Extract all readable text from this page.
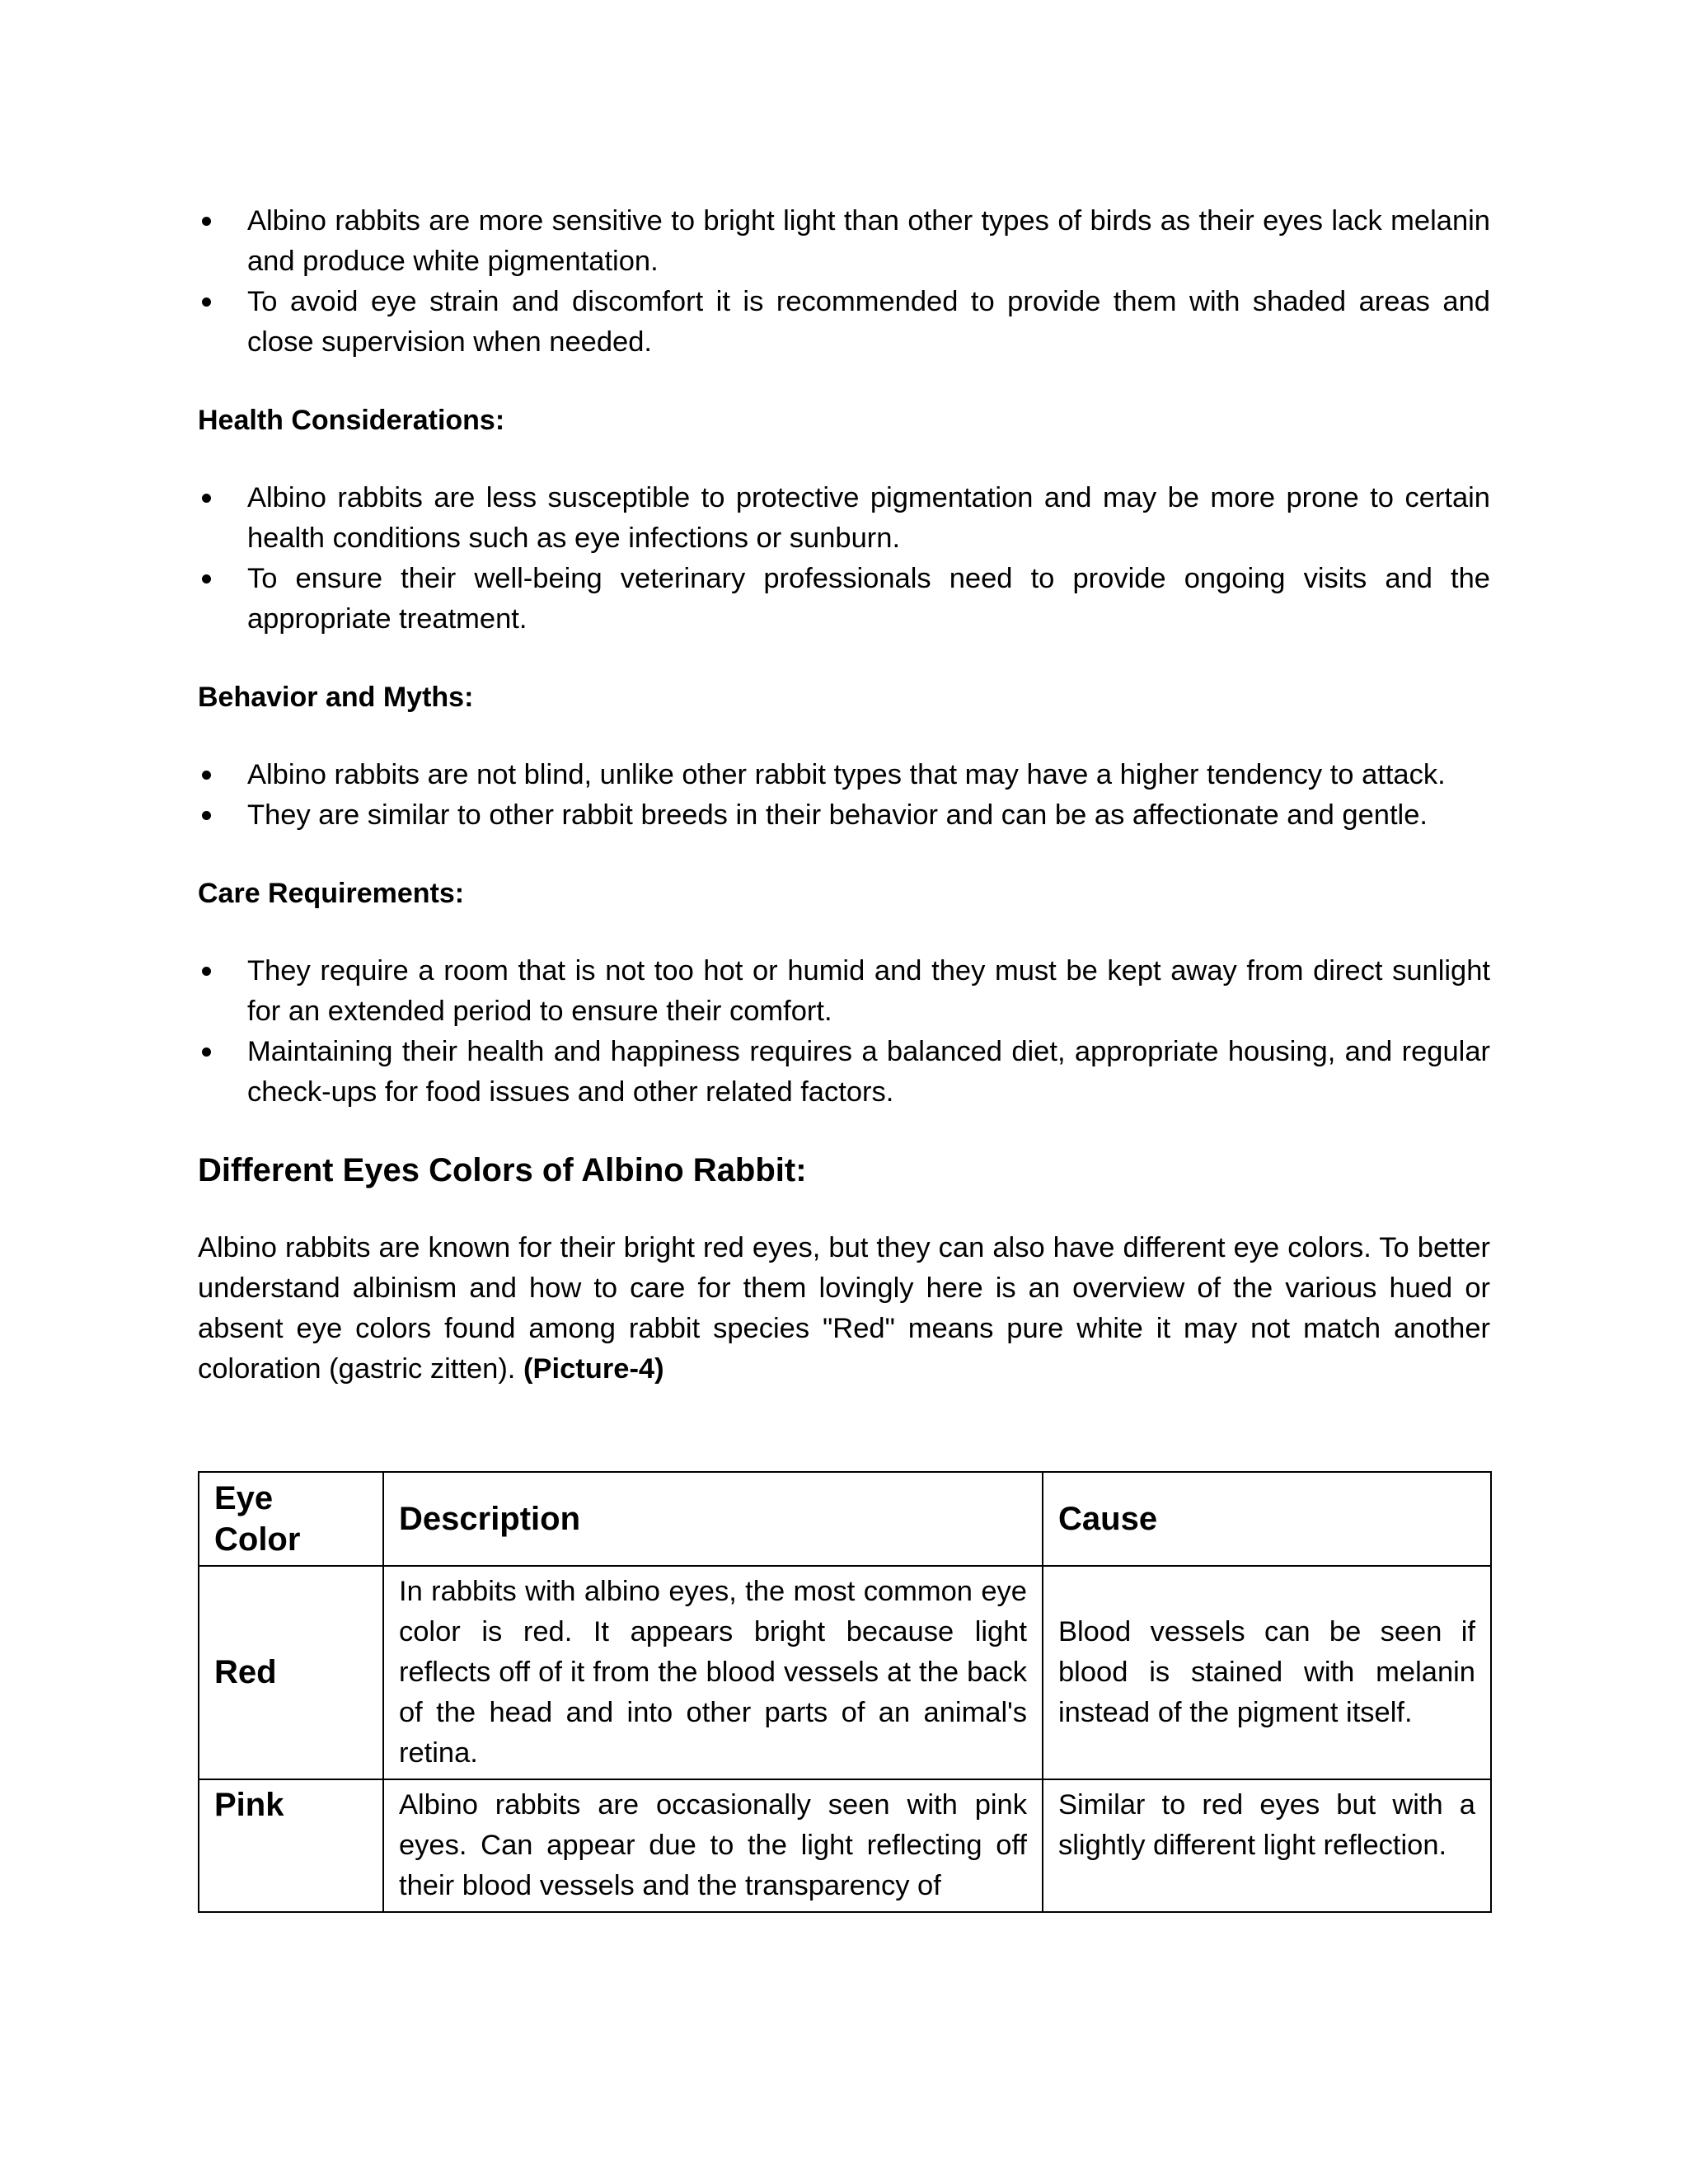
Albino rabbits are more sensitive to bright light than other types of birds as their eyes lack melanin and produce white pigmentation.
To avoid eye strain and discomfort it is recommended to provide them with shaded areas and close supervision when needed.
Health Considerations:
Albino rabbits are less susceptible to protective pigmentation and may be more prone to certain health conditions such as eye infections or sunburn.
To ensure their well-being veterinary professionals need to provide ongoing visits and the appropriate treatment.
Behavior and Myths:
Albino rabbits are not blind, unlike other rabbit types that may have a higher tendency to attack.
They are similar to other rabbit breeds in their behavior and can be as affectionate and gentle.
Care Requirements:
They require a room that is not too hot or humid and they must be kept away from direct sunlight for an extended period to ensure their comfort.
Maintaining their health and happiness requires a balanced diet, appropriate housing, and regular check-ups for food issues and other related factors.
Different Eyes Colors of Albino Rabbit:

Albino rabbits are known for their bright red eyes, but they can also have different eye colors. To better understand albinism and how to care for them lovingly here is an overview of the various hued or absent eye colors found among rabbit species "Red" means pure white it may not match another coloration (gastric zitten). (Picture-4)

Eye Color	Description	Cause
Red	In rabbits with albino eyes, the most common eye color is red. It appears bright because light reflects off of it from the blood vessels at the back of the head and into other parts of an animal's retina.	Blood vessels can be seen if blood is stained with melanin instead of the pigment itself.
Pink	Albino rabbits are occasionally seen with pink eyes. Can appear due to the light reflecting off their blood vessels and the transparency of	Similar to red eyes but with a slightly different light reflection.
